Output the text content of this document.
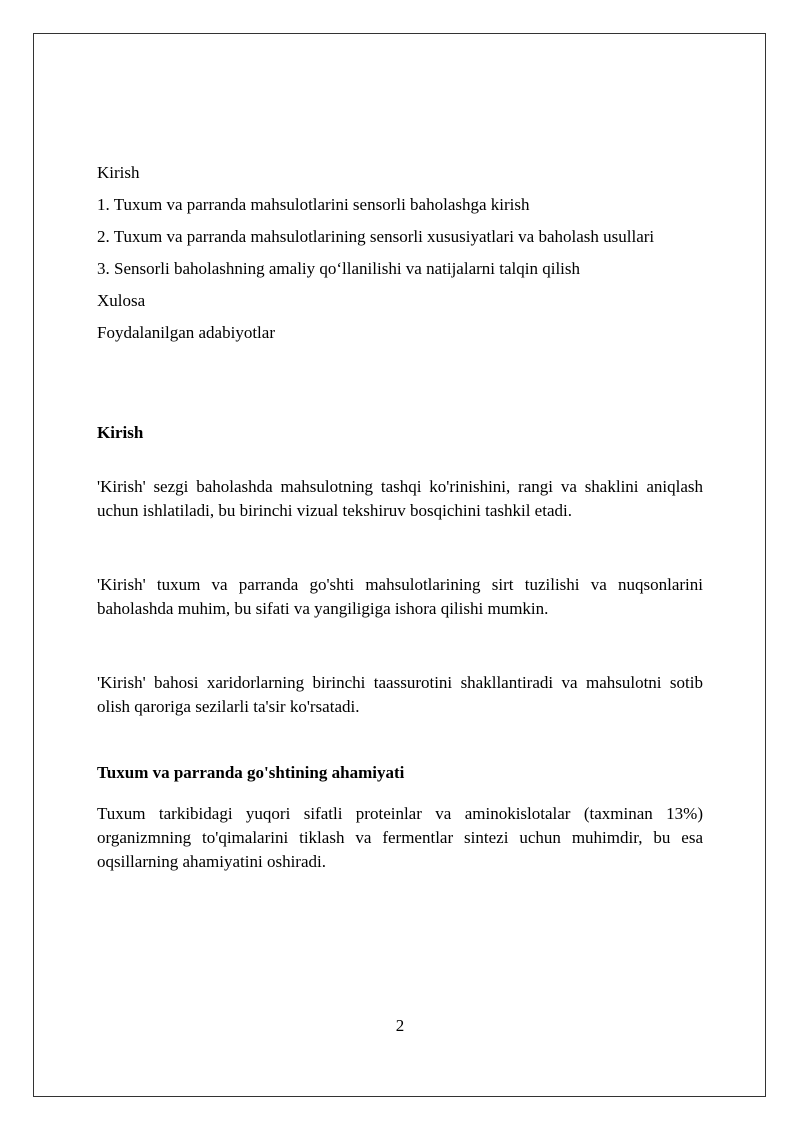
Kirish

1. Tuxum va parranda mahsulotlarini sensorli baholashga kirish

2. Tuxum va parranda mahsulotlarining sensorli xususiyatlari va baholash usullari

3. Sensorli baholashning amaliy qo‘llanilishi va natijalarni talqin qilish

Xulosa

Foydalanilgan adabiyotlar

Kirish

'Kirish' sezgi baholashda mahsulotning tashqi ko'rinishini, rangi va shaklini aniqlash uchun ishlatiladi, bu birinchi vizual tekshiruv bosqichini tashkil etadi.

'Kirish' tuxum va parranda go'shti mahsulotlarining sirt tuzilishi va nuqsonlarini baholashda muhim, bu sifati va yangiligiga ishora qilishi mumkin.

'Kirish' bahosi xaridorlarning birinchi taassurotini shakllantiradi va mahsulotni sotib olish qaroriga sezilarli ta'sir ko'rsatadi.

Tuxum va parranda go'shtining ahamiyati

Tuxum tarkibidagi yuqori sifatli proteinlar va aminokislotalar (taxminan 13%) organizmning to'qimalarini tiklash va fermentlar sintezi uchun muhimdir, bu esa oqsillarning ahamiyatini oshiradi.

2
